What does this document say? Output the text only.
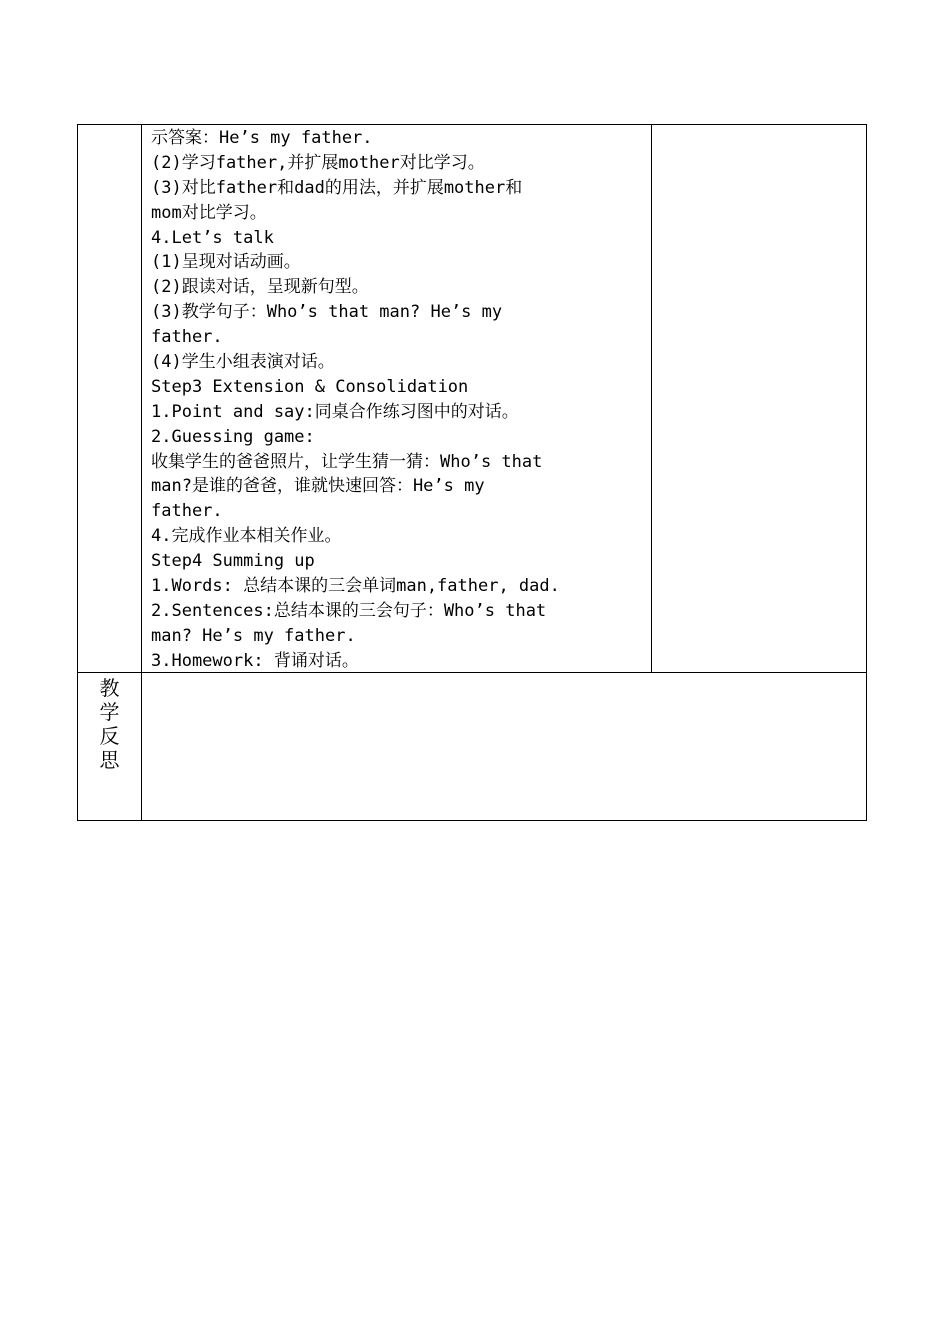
示答案：He’s my father.
(2)学习father,并扩展mother对比学习。
(3)对比father和dad的用法，并扩展mother和
mom对比学习。
4.Let’s talk
(1)呈现对话动画。
(2)跟读对话，呈现新句型。
(3)教学句子：Who’s that man? He’s my
father.
(4)学生小组表演对话。
Step3 Extension & Consolidation
1.Point and say:同桌合作练习图中的对话。
2.Guessing game:
收集学生的爸爸照片，让学生猜一猜：Who’s that
man?是谁的爸爸，谁就快速回答：He’s my
father.
4.完成作业本相关作业。
Step4 Summing up
1.Words: 总结本课的三会单词man,father, dad.
2.Sentences:总结本课的三会句子：Who’s that
man? He’s my father.
3.Homework: 背诵对话。
教
学
反
思
